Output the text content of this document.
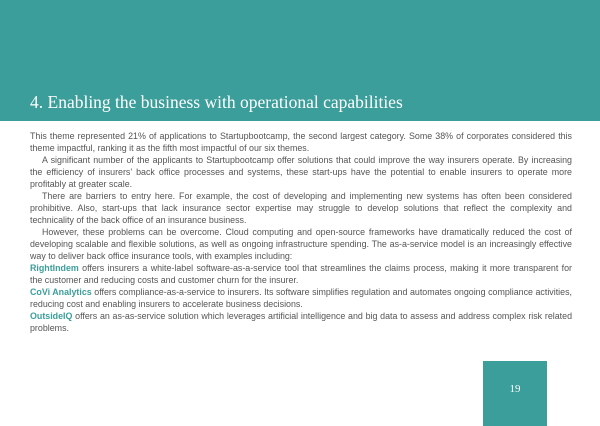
4. Enabling the business with operational capabilities

This theme represented 21% of applications to Startupbootcamp, the second largest category. Some 38% of corporates considered this theme impactful, ranking it as the fifth most impactful of our six themes.

A significant number of the applicants to Startupbootcamp offer solutions that could improve the way insurers operate. By increasing the efficiency of insurers’ back office processes and systems, these start-ups have the potential to enable insurers to operate more profitably at greater scale.

There are barriers to entry here. For example, the cost of developing and implementing new systems has often been considered prohibitive. Also, start-ups that lack insurance sector expertise may struggle to develop solutions that reflect the complexity and technicality of the back office of an insurance business.

However, these problems can be overcome. Cloud computing and open-source frameworks have dramatically reduced the cost of developing scalable and flexible solutions, as well as ongoing infrastructure spending. The as-a-service model is an increasingly effective way to deliver back office insurance tools, with examples including:

RightIndem offers insurers a white-label software-as-a-service tool that streamlines the claims process, making it more transparent for the customer and reducing costs and customer churn for the insurer.

CoVi Analytics offers compliance-as-a-service to insurers. Its software simplifies regulation and automates ongoing compliance activities, reducing cost and enabling insurers to accelerate business decisions.

OutsideIQ offers an as-as-service solution which leverages artificial intelligence and big data to assess and address complex risk related problems.

19
